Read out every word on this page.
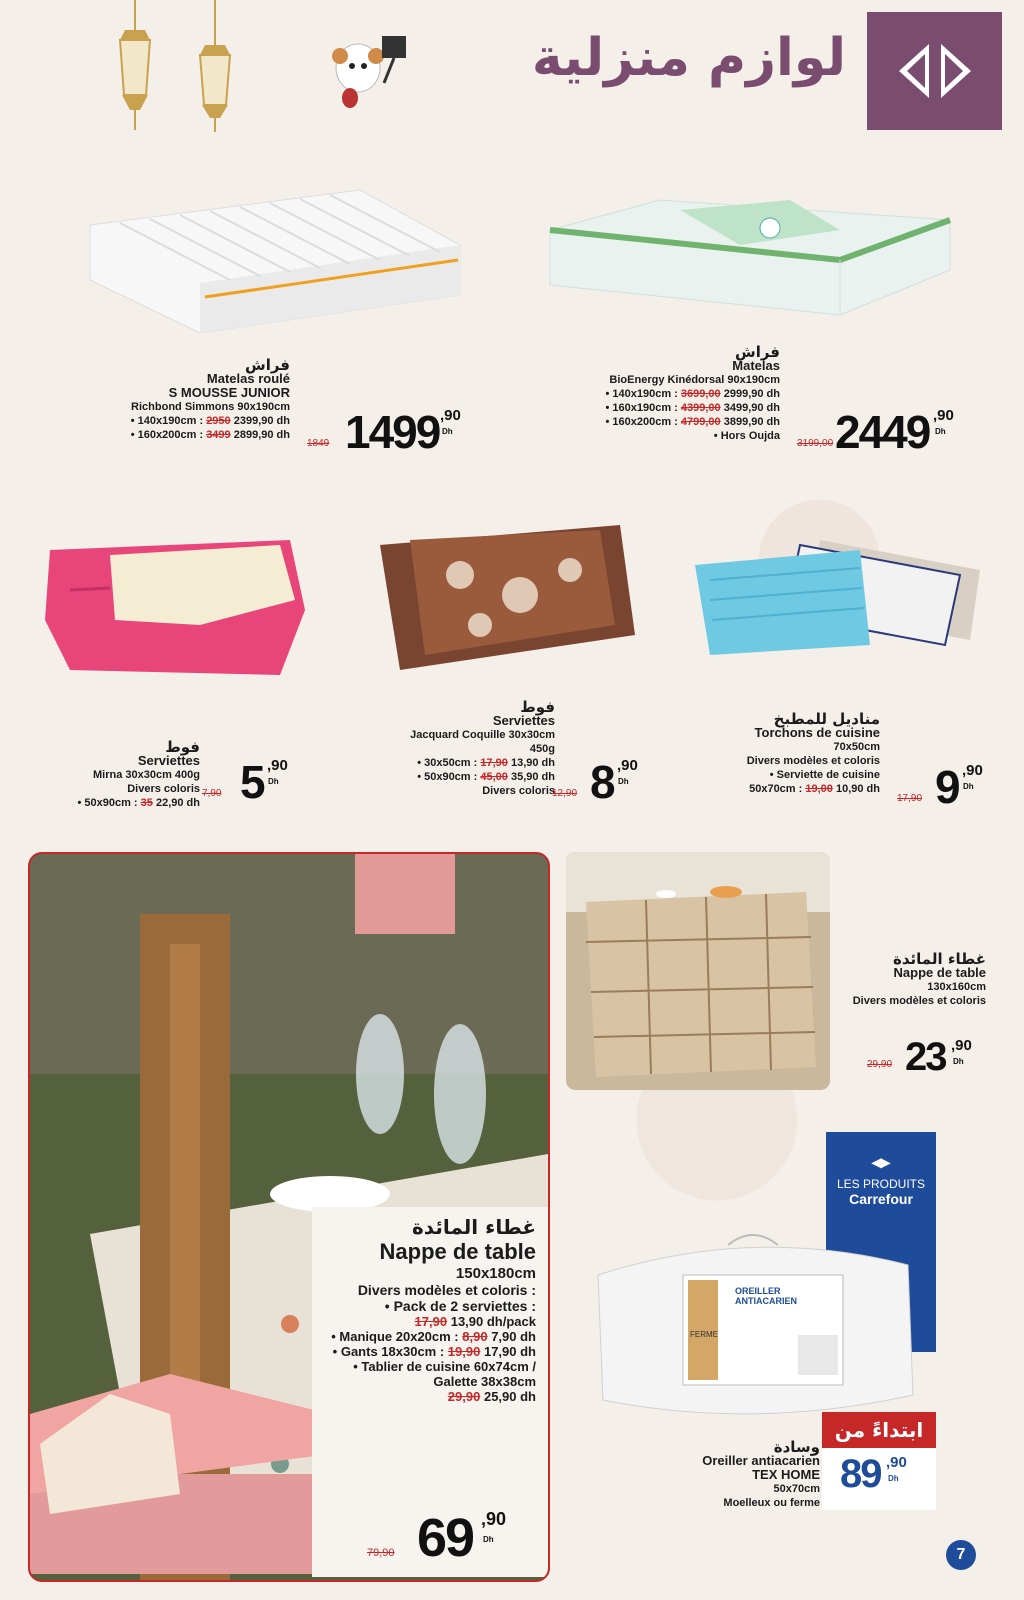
لوازم منزلية
فراش
Matelas roulé
S MOUSSE JUNIOR
Richbond Simmons 90x190cm
• 140x190cm : 2950 2399,90 dh
• 160x200cm : 3499 2899,90 dh
1849 1499 ,90
Dh
فراش
Matelas
BioEnergy Kinédorsal 90x190cm
• 140x190cm : 3699,00 2999,90 dh
• 160x190cm : 4399,00 3499,90 dh
• 160x200cm : 4799,00 3899,90 dh
• Hors Oujda
3199,00 2449 ,90
Dh
فوط
Serviettes
Mirna 30x30cm 400g
Divers coloris
• 50x90cm : 35 22,90 dh
7,90 5 ,90
Dh
فوط
Serviettes
Jacquard Coquille 30x30cm
450g
• 30x50cm : 17,90 13,90 dh
• 50x90cm : 45,00 35,90 dh
Divers coloris
12,90 8 ,90
Dh
مناديل للمطبخ
Torchons de cuisine
70x50cm
Divers modèles et coloris
• Serviette de cuisine
50x70cm : 19,00 10,90 dh
17,90 9 ,90
Dh
غطاء المائدة
Nappe de table
150x180cm
Divers modèles et coloris :
• Pack de 2 serviettes :
17,90 13,90 dh/pack
• Manique 20x20cm : 8,90 7,90 dh
• Gants 18x30cm : 19,90 17,90 dh
• Tablier de cuisine 60x74cm /
Galette 38x38cm
29,90 25,90 dh
79,90 69 ,90
Dh
غطاء المائدة
Nappe de table
130x160cm
Divers modèles et coloris
29,90 23 ,90
Dh
◂▸
LES PRODUITS
Carrefour
OREILLER
ANTIACARIEN
FERME
ابتداءً من
89 ,90
Dh
وسادة
Oreiller antiacarien
TEX HOME
50x70cm
Moelleux ou ferme
7
